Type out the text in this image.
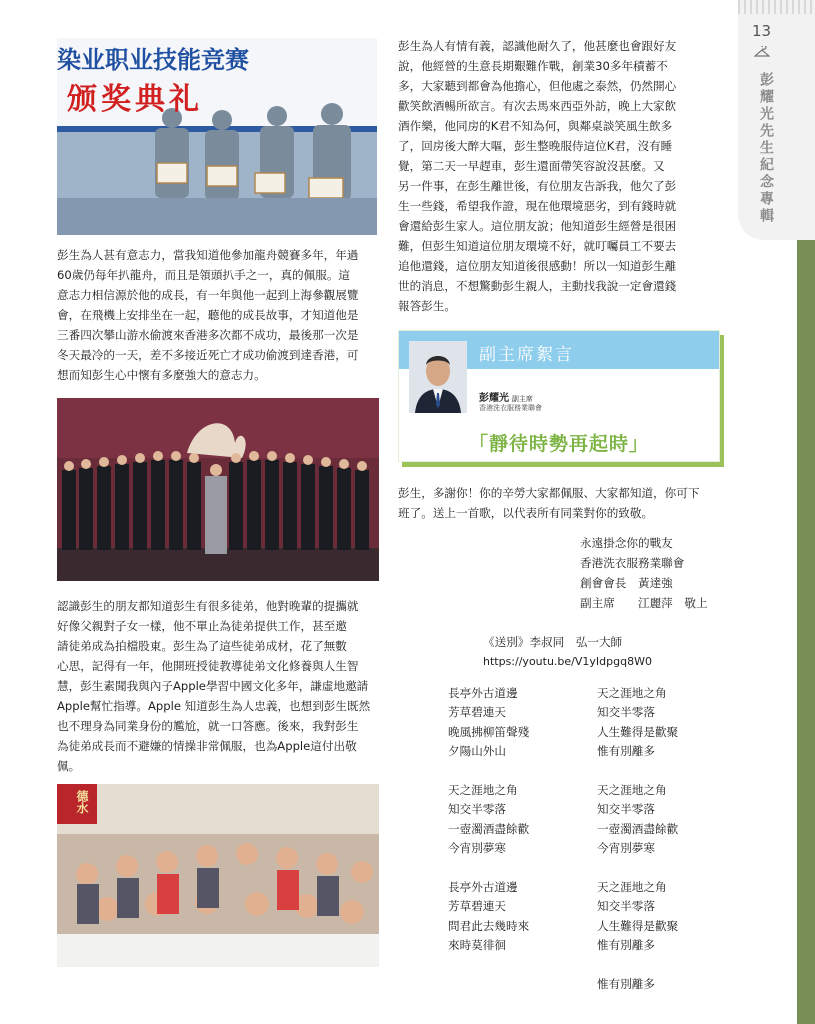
13
彭耀光先生紀念專輯
染业职业技能竞赛
颁奖典礼
彭生為人甚有意志力，當我知道他參加龍舟競賽多年，年過
60歲仍每年扒龍舟，而且是領頭扒手之一，真的佩服。這
意志力相信源於他的成長，有一年與他一起到上海參觀展覽
會，在飛機上安排坐在一起，聽他的成長故事，才知道他是
三番四次攀山游水偷渡來香港多次都不成功，最後那一次是
冬天最冷的一天，差不多接近死亡才成功偷渡到達香港，可
想而知彭生心中懷有多麼強大的意志力。
認識彭生的朋友都知道彭生有很多徒弟，他對晚輩的提攜就
好像父親對子女一樣，他不單止為徒弟提供工作，甚至邀
請徒弟成為拍檔股東。彭生為了這些徒弟成材，花了無數
心思，記得有一年，他開班授徒教導徒弟文化修養與人生智
慧，彭生素聞我與內子Apple學習中國文化多年，謙虛地邀請
Apple幫忙指導。Apple 知道彭生為人忠義，也想到彭生既然
也不理身為同業身份的尷尬，就一口答應。後來，我對彭生
為徒弟成長而不避嫌的情操非常佩服，也為Apple這付出敬
佩。
德水
彭生為人有情有義，認識他耐久了，他甚麼也會跟好友
說，他經營的生意長期艱難作戰，創業30多年積蓄不
多，大家聽到都會為他擔心，但他處之泰然，仍然開心
歡笑飲酒暢所欲言。有次去馬來西亞外訪，晚上大家飲
酒作樂，他同房的K君不知為何，與鄰桌談笑風生飲多
了，回房後大醉大嘔，彭生整晚服侍這位K君，沒有睡
覺，第二天一早趕車，彭生還面帶笑容說沒甚麼。又
另一件事，在彭生離世後，有位朋友告訴我，他欠了彭
生一些錢，希望我作證，現在他環境惡劣，到有錢時就
會還給彭生家人。這位朋友說；他知道彭生經營是很困
難，但彭生知道這位朋友環境不好，就叮囑員工不要去
追他還錢，這位朋友知道後很感動！所以一知道彭生離
世的消息，不想驚動彭生親人，主動找我說一定會還錢
報答彭生。
副主席絮言
彭耀光 副主席
香港洗衣服務業聯會
「靜待時勢再起時」
彭生，多謝你！你的辛勞大家都佩服、大家都知道，你可下
班了。送上一首歌，以代表所有同業對你的致敬。
永遠掛念你的戰友
香港洗衣服務業聯會
創會會長　黃達強
副主席　　江麗萍　敬上
《送別》李叔同　弘一大師
https://youtu.be/V1yIdpgq8W0
長亭外古道邊
芳草碧連天
晚風拂柳笛聲殘
夕陽山外山
天之涯地之角
知交半零落
一壺濁酒盡餘歡
今宵別夢寒
長亭外古道邊
芳草碧連天
問君此去幾時來
來時莫徘徊
天之涯地之角
知交半零落
人生難得是歡聚
惟有別離多
天之涯地之角
知交半零落
一壺濁酒盡餘歡
今宵別夢寒
天之涯地之角
知交半零落
人生難得是歡聚
惟有別離多
惟有別離多
